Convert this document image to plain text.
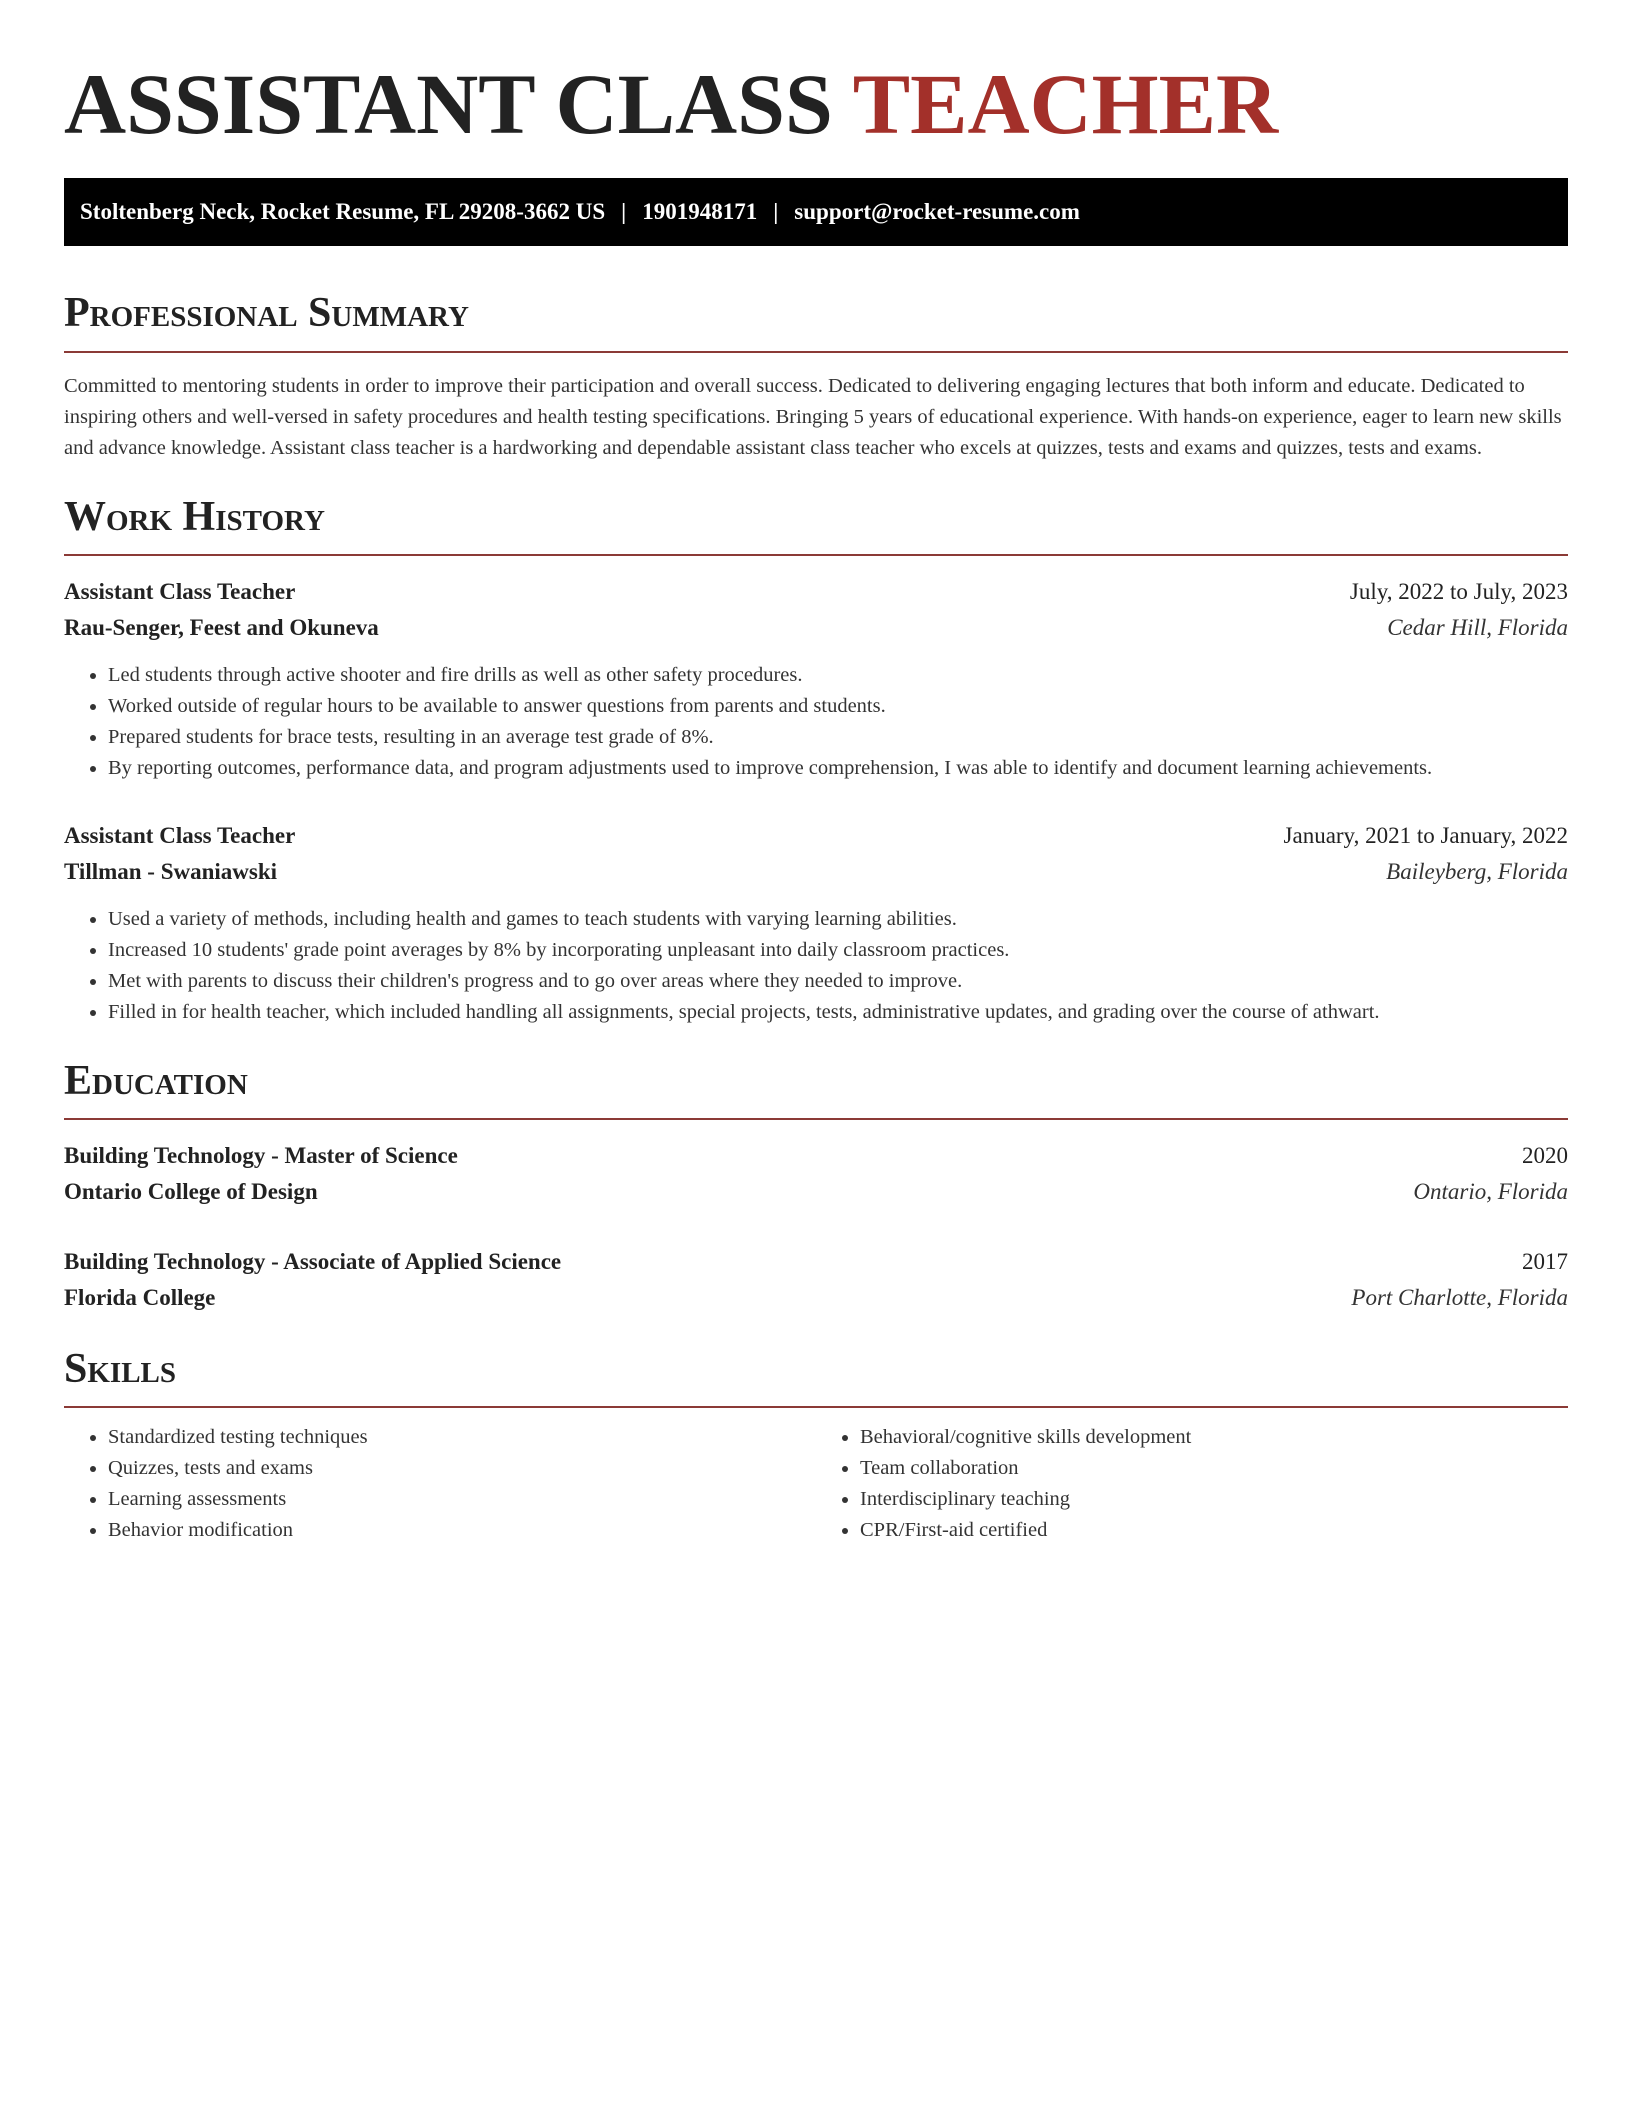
ASSISTANT CLASS TEACHER
Stoltenberg Neck, Rocket Resume, FL 29208-3662 US | 1901948171 | support@rocket-resume.com
Professional Summary

Committed to mentoring students in order to improve their participation and overall success. Dedicated to delivering engaging lectures that both inform and educate. Dedicated to inspiring others and well-versed in safety procedures and health testing specifications. Bringing 5 years of educational experience. With hands-on experience, eager to learn new skills and advance knowledge. Assistant class teacher is a hardworking and dependable assistant class teacher who excels at quizzes, tests and exams and quizzes, tests and exams.

Work History
Assistant Class Teacher	July, 2022 to July, 2023
Rau-Senger, Feest and Okuneva	Cedar Hill, Florida
• Led students through active shooter and fire drills as well as other safety procedures.
• Worked outside of regular hours to be available to answer questions from parents and students.
• Prepared students for brace tests, resulting in an average test grade of 8%.
• By reporting outcomes, performance data, and program adjustments used to improve comprehension, I was able to identify and document learning achievements.
Assistant Class Teacher	January, 2021 to January, 2022
Tillman - Swaniawski	Baileyberg, Florida
• Used a variety of methods, including health and games to teach students with varying learning abilities.
• Increased 10 students' grade point averages by 8% by incorporating unpleasant into daily classroom practices.
• Met with parents to discuss their children's progress and to go over areas where they needed to improve.
• Filled in for health teacher, which included handling all assignments, special projects, tests, administrative updates, and grading over the course of athwart.
Education
Building Technology - Master of Science	2020
Ontario College of Design	Ontario, Florida
Building Technology - Associate of Applied Science	2017
Florida College	Port Charlotte, Florida
Skills
• Standardized testing techniques
• Quizzes, tests and exams
• Learning assessments
• Behavior modification
• Behavioral/cognitive skills development
• Team collaboration
• Interdisciplinary teaching
• CPR/First-aid certified
